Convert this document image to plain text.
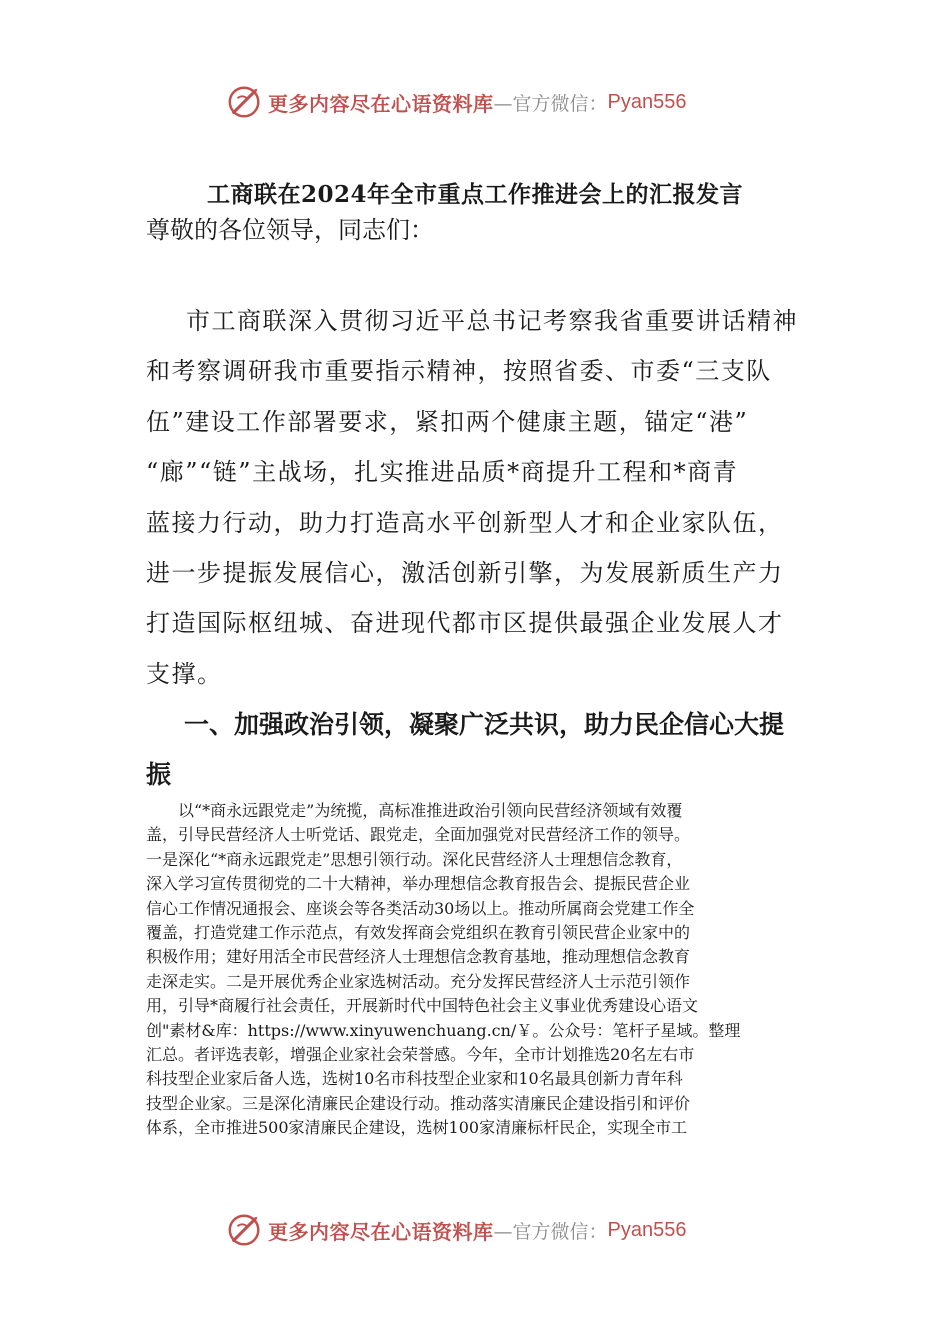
更多内容尽在心语资料库 —官方微信： Pyan556
工商联在2024年全市重点工作推进会上的汇报发言
尊敬的各位领导，同志们：
市工商联深入贯彻习近平总书记考察我省重要讲话精神
和考察调研我市重要指示精神，按照省委、市委“三支队
伍”建设工作部署要求，紧扣两个健康主题，锚定“港”
“廊”“链”主战场，扎实推进品质*商提升工程和*商青
蓝接力行动，助力打造高水平创新型人才和企业家队伍，
进一步提振发展信心，激活创新引擎，为发展新质生产力
打造国际枢纽城、奋进现代都市区提供最强企业发展人才
支撑。
一、加强政治引领，凝聚广泛共识，助力民企信心大提
振
以“*商永远跟党走”为统揽，高标准推进政治引领向民营经济领域有效覆
盖，引导民营经济人士听党话、跟党走，全面加强党对民营经济工作的领导。
一是深化“*商永远跟党走”思想引领行动。深化民营经济人士理想信念教育，
深入学习宣传贯彻党的二十大精神，举办理想信念教育报告会、提振民营企业
信心工作情况通报会、座谈会等各类活动30场以上。推动所属商会党建工作全
覆盖，打造党建工作示范点，有效发挥商会党组织在教育引领民营企业家中的
积极作用；建好用活全市民营经济人士理想信念教育基地，推动理想信念教育
走深走实。二是开展优秀企业家选树活动。充分发挥民营经济人士示范引领作
用，引导*商履行社会责任，开展新时代中国特色社会主义事业优秀建设心语文
创"素材&库：https://www.xinyuwenchuang.cn/￥。公众号：笔杆子星域。整理
汇总。者评选表彰，增强企业家社会荣誉感。今年，全市计划推选20名左右市
科技型企业家后备人选，选树10名市科技型企业家和10名最具创新力青年科
技型企业家。三是深化清廉民企建设行动。推动落实清廉民企建设指引和评价
体系，全市推进500家清廉民企建设，选树100家清廉标杆民企，实现全市工
更多内容尽在心语资料库 —官方微信： Pyan556
